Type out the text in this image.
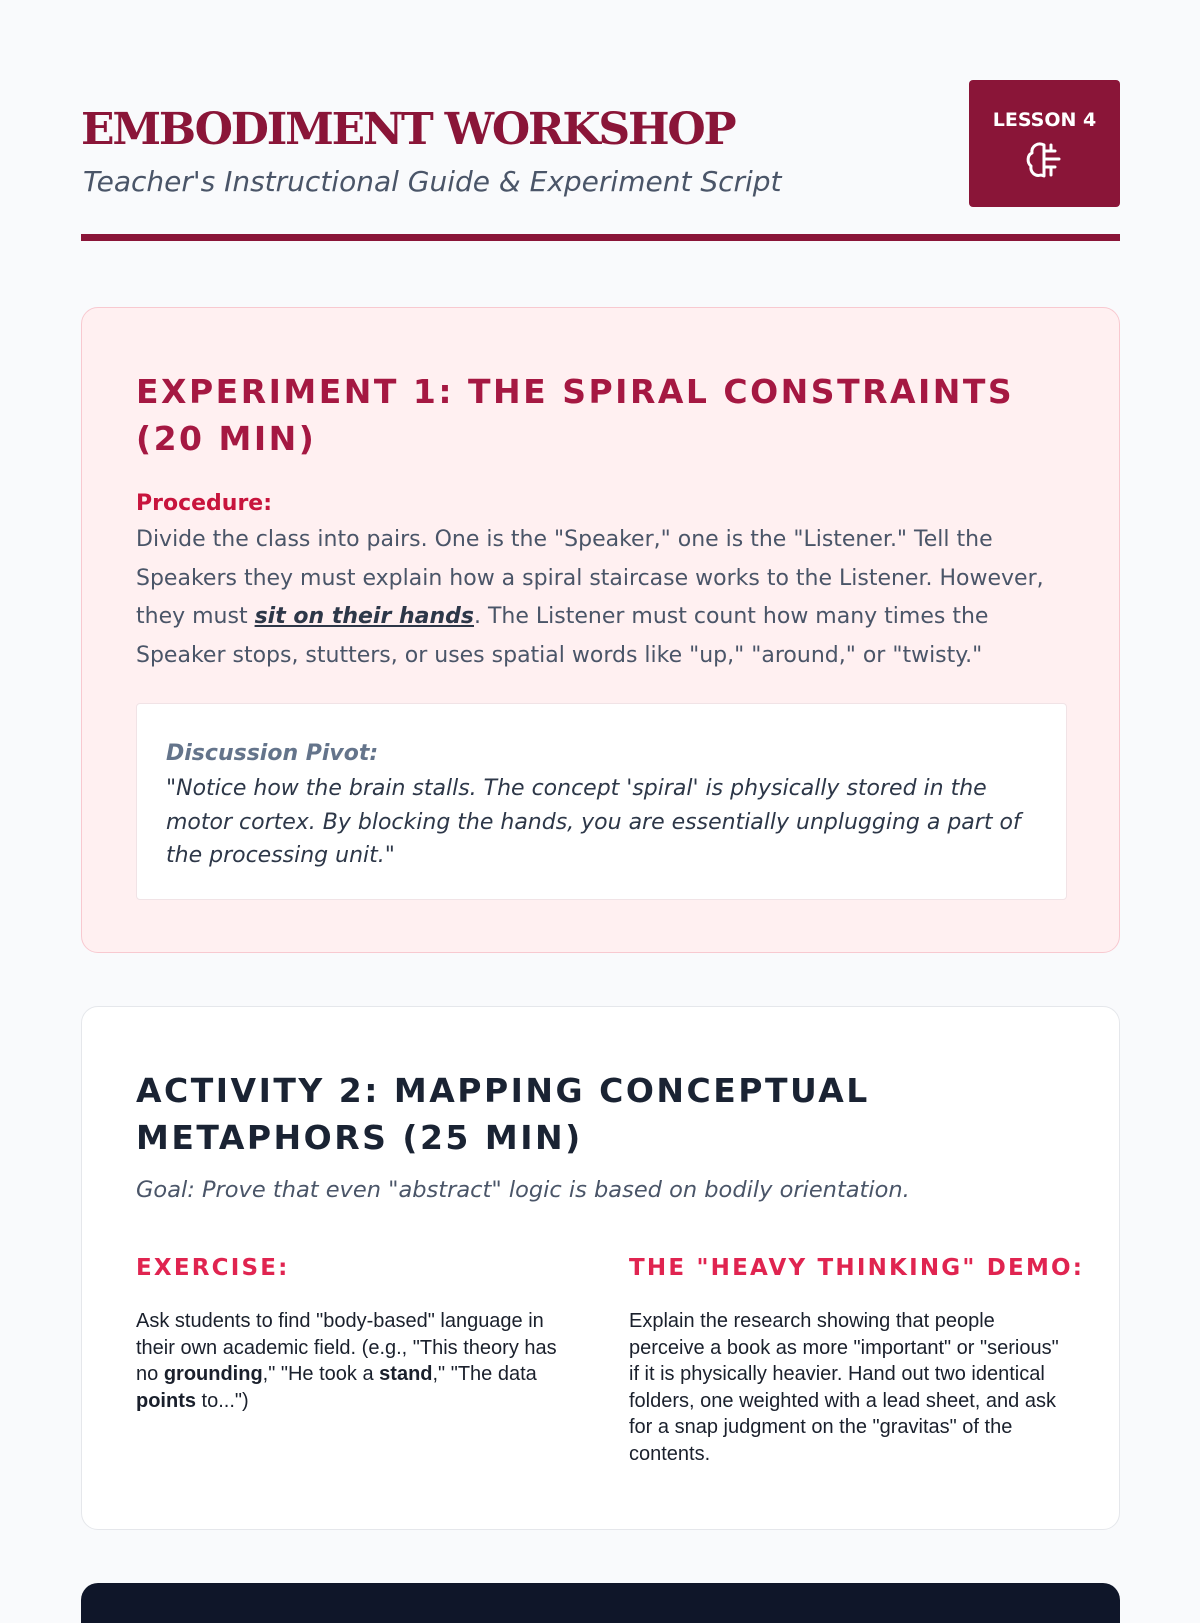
EMBODIMENT WORKSHOP
Teacher's Instructional Guide & Experiment Script
LESSON 4
EXPERIMENT 1: THE SPIRAL CONSTRAINTS (20 MIN)
Procedure:

Divide the class into pairs. One is the "Speaker," one is the "Listener." Tell the Speakers they must explain how a spiral staircase works to the Listener. However, they must sit on their hands. The Listener must count how many times the Speaker stops, stutters, or uses spatial words like "up," "around," or "twisty."

Discussion Pivot:

"Notice how the brain stalls. The concept 'spiral' is physically stored in the motor cortex. By blocking the hands, you are essentially unplugging a part of the processing unit."

ACTIVITY 2: MAPPING CONCEPTUAL METAPHORS (25 MIN)
Goal: Prove that even "abstract" logic is based on bodily orientation.
EXERCISE:

Ask students to find "body-based" language in their own academic field. (e.g., "This theory has no grounding," "He took a stand," "The data points to...")

THE "HEAVY THINKING" DEMO:

Explain the research showing that people perceive a book as more "important" or "serious" if it is physically heavier. Hand out two identical folders, one weighted with a lead sheet, and ask for a snap judgment on the "gravitas" of the contents.
